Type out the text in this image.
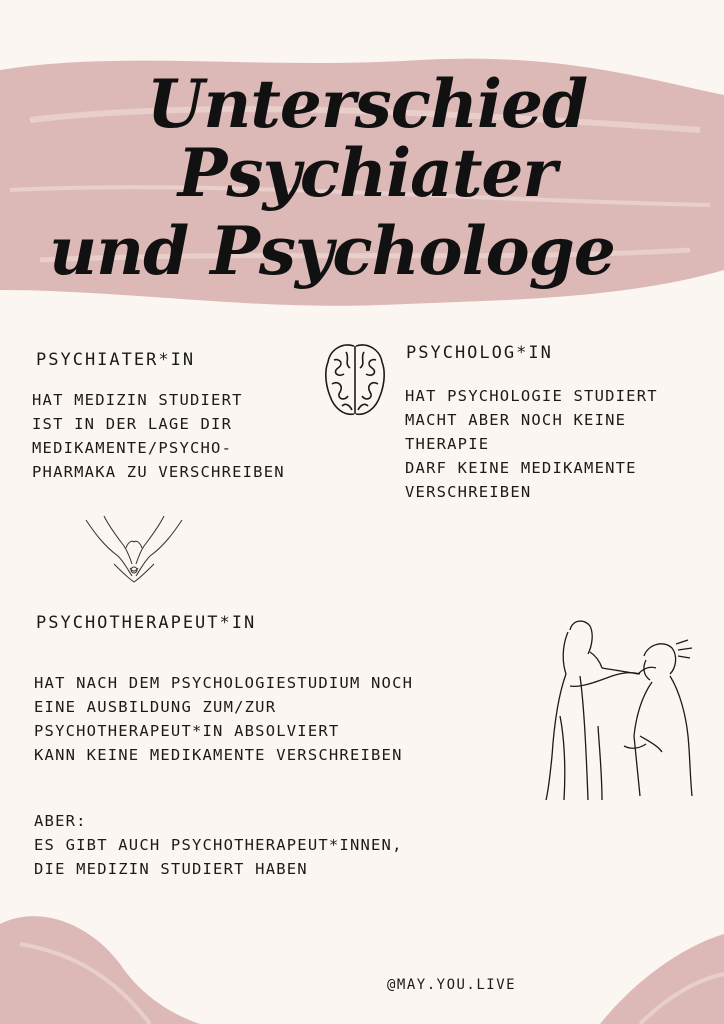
Unterschied Psychiater
und Psychologe
PSYCHIATER*IN
HAT MEDIZIN STUDIERT
IST IN DER LAGE DIR
MEDIKAMENTE/PSYCHO-
PHARMAKA ZU VERSCHREIBEN
PSYCHOLOG*IN
HAT PSYCHOLOGIE STUDIERT
MACHT ABER NOCH KEINE
THERAPIE
DARF KEINE MEDIKAMENTE
VERSCHREIBEN
PSYCHOTHERAPEUT*IN
HAT NACH DEM PSYCHOLOGIESTUDIUM NOCH
EINE AUSBILDUNG ZUM/ZUR
PSYCHOTHERAPEUT*IN ABSOLVIERT
KANN KEINE MEDIKAMENTE VERSCHREIBEN
ABER:
ES GIBT AUCH PSYCHOTHERAPEUT*INNEN,
DIE MEDIZIN STUDIERT HABEN
@MAY.YOU.LIVE
